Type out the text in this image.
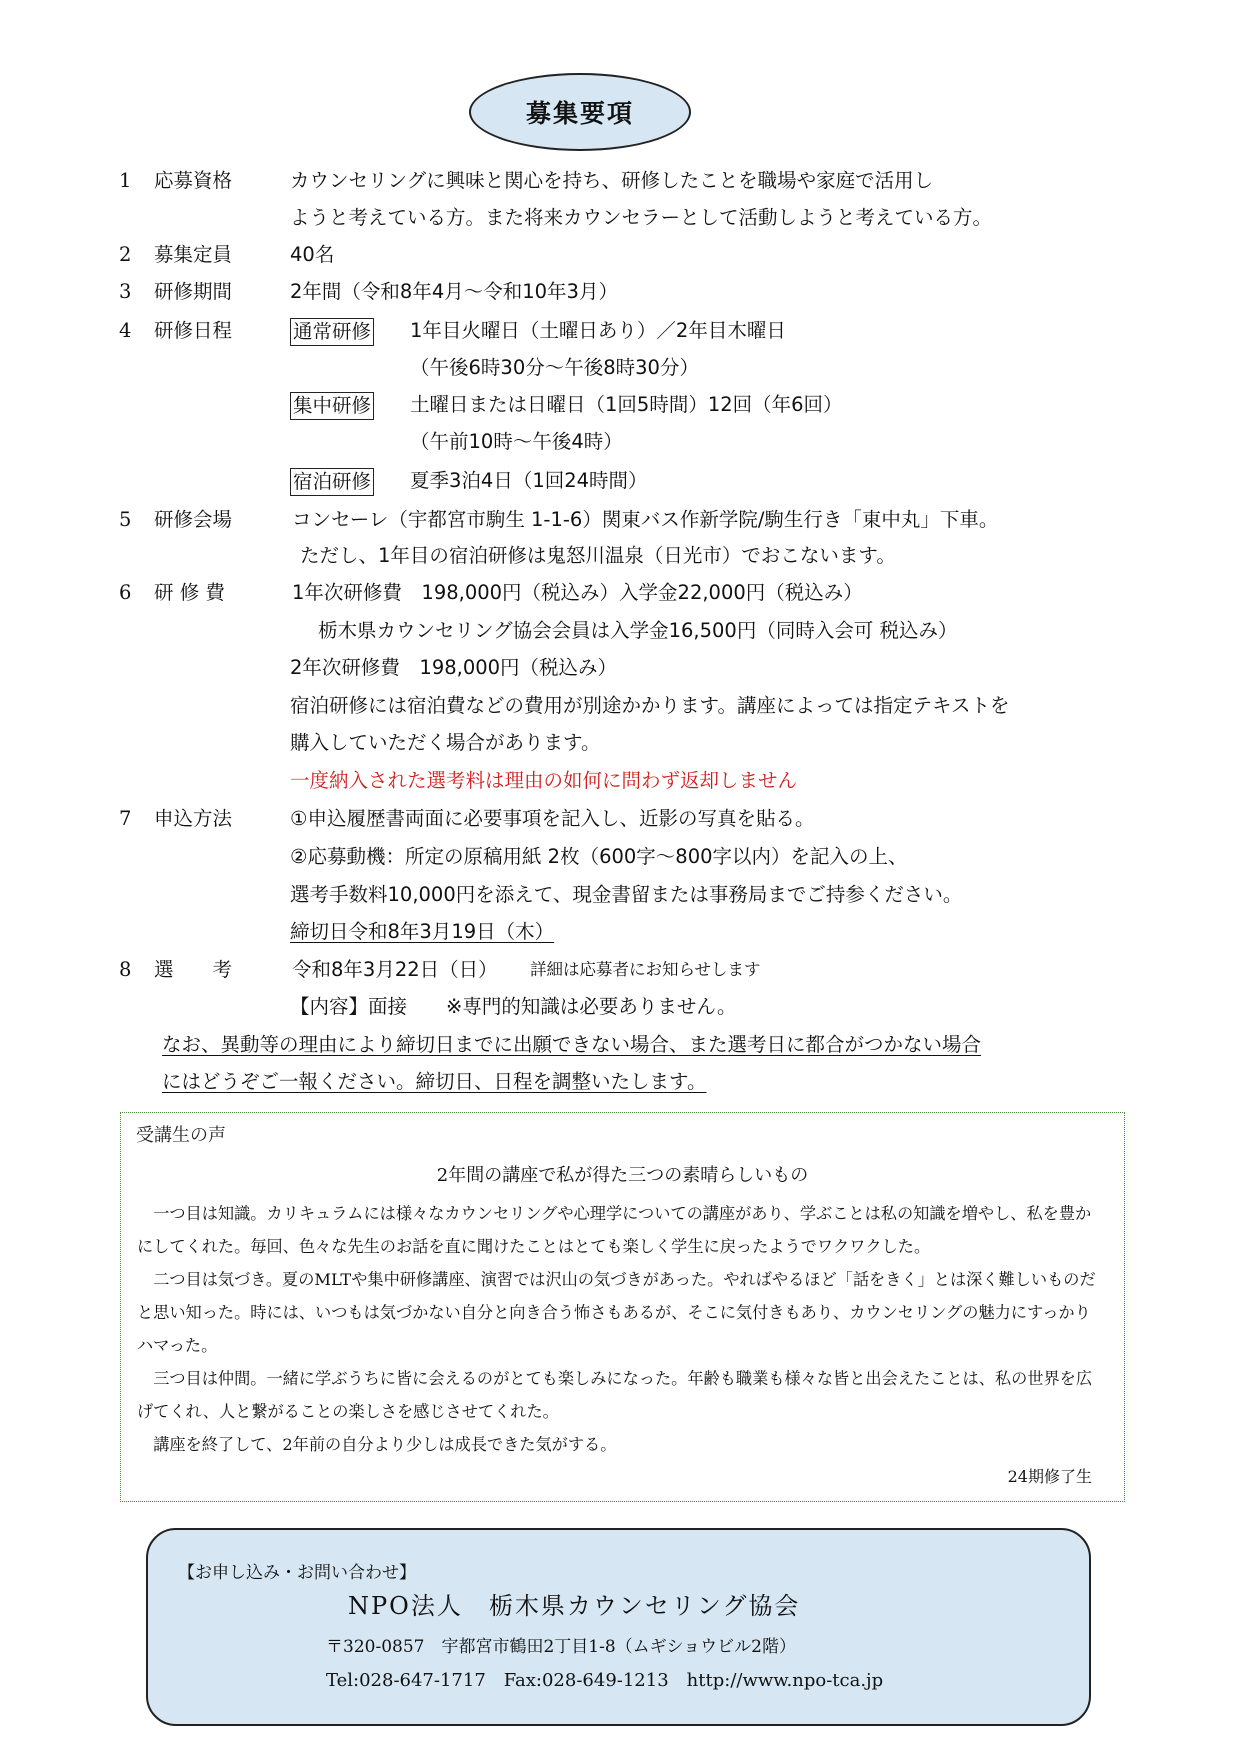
募集要項
1	応募資格	カウンセリングに興味と関心を持ち、研修したことを職場や家庭で活用し
ようと考えている方。また将来カウンセラーとして活動しようと考えている方。
2	募集定員	40名
3	研修期間	2年間（令和8年4月～令和10年3月）
4	研修日程	通常研修 1年目火曜日（土曜日あり）／2年目木曜日
（午後6時30分～午後8時30分）
集中研修 土曜日または日曜日（1回5時間）12回（年6回）
（午前10時～午後4時）
宿泊研修 夏季3泊4日（1回24時間）
5	研修会場	コンセーレ（宇都宮市駒生 1-1-6）関東バス作新学院/駒生行き「東中丸」下車。
ただし、1年目の宿泊研修は鬼怒川温泉（日光市）でおこないます。
6	研 修 費	1年次研修費　198,000円（税込み）入学金22,000円（税込み）
栃木県カウンセリング協会会員は入学金16,500円（同時入会可 税込み）
2年次研修費　198,000円（税込み）
宿泊研修には宿泊費などの費用が別途かかります。講座によっては指定テキストを
購入していただく場合があります。
一度納入された選考料は理由の如何に問わず返却しません
7	申込方法	①申込履歴書両面に必要事項を記入し、近影の写真を貼る。
②応募動機：所定の原稿用紙 2枚（600字～800字以内）を記入の上、
選考手数料10,000円を添えて、現金書留または事務局までご持参ください。
締切日令和8年3月19日（木）
8	選　　考	令和8年3月22日（日） 詳細は応募者にお知らせします
【内容】面接　　※専門的知識は必要ありません。
なお、異動等の理由により締切日までに出願できない場合、また選考日に都合がつかない場合
にはどうぞご一報ください。締切日、日程を調整いたします。
受講生の声
2年間の講座で私が得た三つの素晴らしいもの

一つ目は知識。カリキュラムには様々なカウンセリングや心理学についての講座があり、学ぶことは私の知識を増やし、私を豊かにしてくれた。毎回、色々な先生のお話を直に聞けたことはとても楽しく学生に戻ったようでワクワクした。

二つ目は気づき。夏のMLTや集中研修講座、演習では沢山の気づきがあった。やればやるほど「話をきく」とは深く難しいものだと思い知った。時には、いつもは気づかない自分と向き合う怖さもあるが、そこに気付きもあり、カウンセリングの魅力にすっかりハマった。

三つ目は仲間。一緒に学ぶうちに皆に会えるのがとても楽しみになった。年齢も職業も様々な皆と出会えたことは、私の世界を広げてくれ、人と繋がることの楽しさを感じさせてくれた。

講座を終了して、2年前の自分より少しは成長できた気がする。

24期修了生
【お申し込み・お問い合わせ】
NPO法人　栃木県カウンセリング協会
〒320-0857　宇都宮市鶴田2丁目1-8（ムギショウビル2階）
Tel:028-647-1717　Fax:028-649-1213　http://www.npo-tca.jp
